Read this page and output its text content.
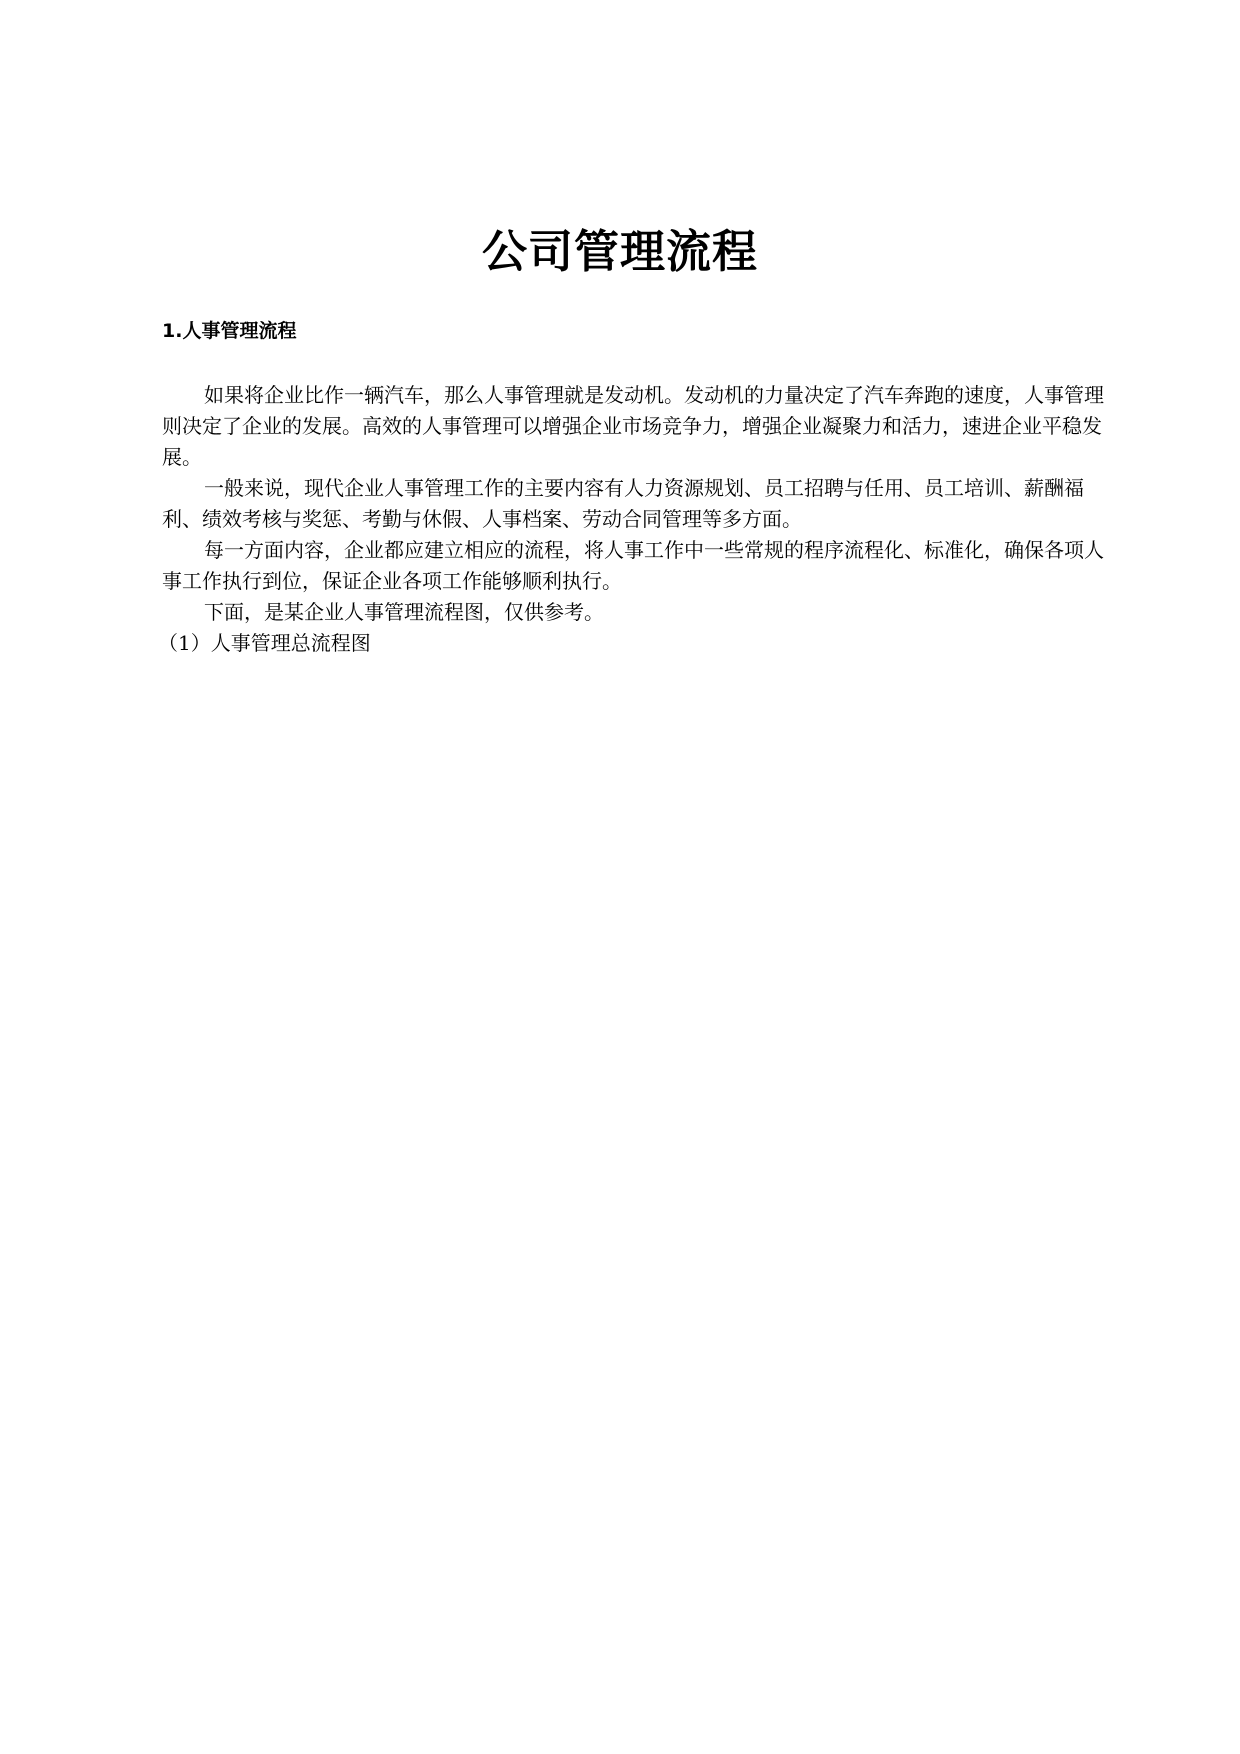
公司管理流程
1.人事管理流程

如果将企业比作一辆汽车，那么人事管理就是发动机。发动机的力量决定了汽车奔跑的速度，人事管理则决定了企业的发展。高效的人事管理可以增强企业市场竞争力，增强企业凝聚力和活力，速进企业平稳发展。

一般来说，现代企业人事管理工作的主要内容有人力资源规划、员工招聘与任用、员工培训、薪酬福利、绩效考核与奖惩、考勤与休假、人事档案、劳动合同管理等多方面。

每一方面内容，企业都应建立相应的流程，将人事工作中一些常规的程序流程化、标准化，确保各项人事工作执行到位，保证企业各项工作能够顺利执行。

下面，是某企业人事管理流程图，仅供参考。

（1）人事管理总流程图
